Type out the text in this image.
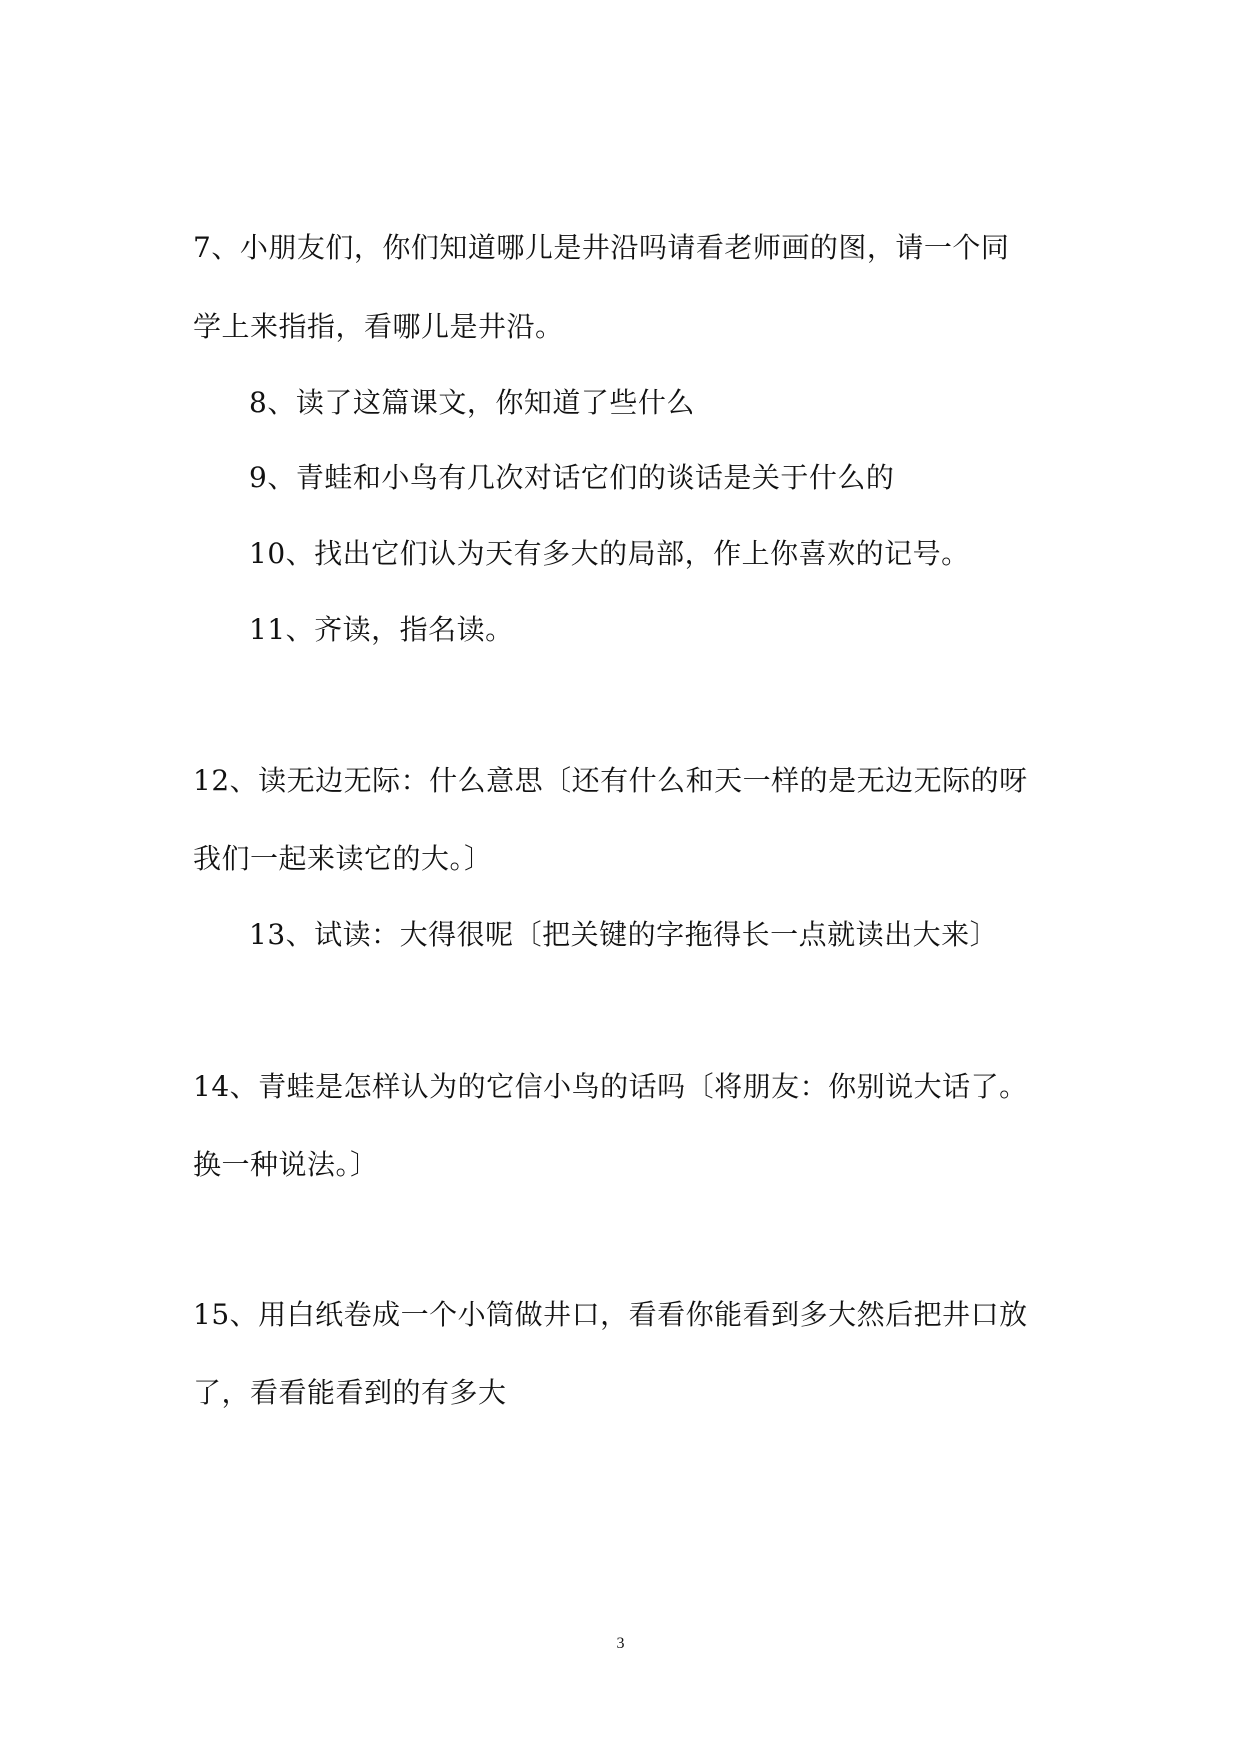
7、小朋友们，你们知道哪儿是井沿吗请看老师画的图，请一个同
学上来指指，看哪儿是井沿。
8、读了这篇课文，你知道了些什么
9、青蛙和小鸟有几次对话它们的谈话是关于什么的
10、找出它们认为天有多大的局部，作上你喜欢的记号。
11、齐读，指名读。
12、读无边无际：什么意思〔还有什么和天一样的是无边无际的呀
我们一起来读它的大。〕
13、试读：大得很呢〔把关键的字拖得长一点就读出大来〕
14、青蛙是怎样认为的它信小鸟的话吗〔将朋友：你别说大话了。
换一种说法。〕
15、用白纸卷成一个小筒做井口，看看你能看到多大然后把井口放
了，看看能看到的有多大
3
